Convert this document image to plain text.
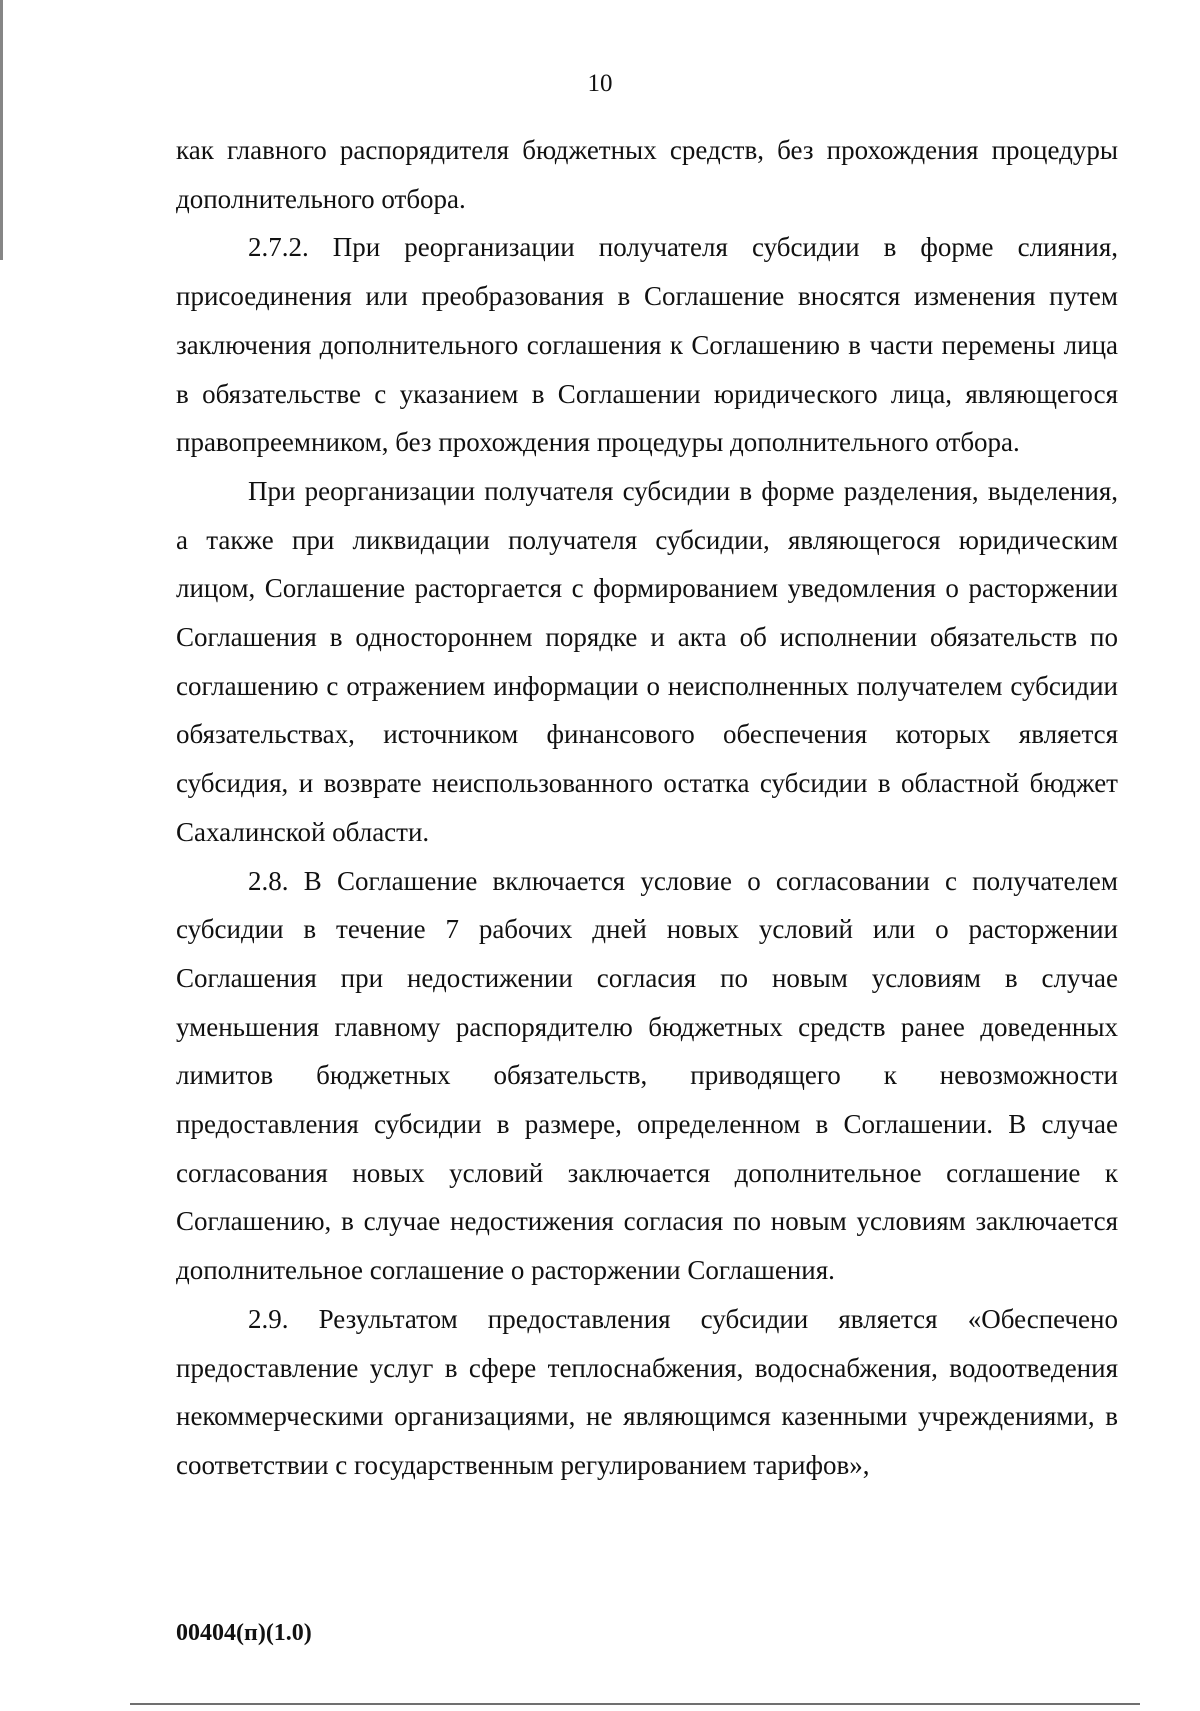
10

как главного распорядителя бюджетных средств, без прохождения процедуры дополнительного отбора.

2.7.2. При реорганизации получателя субсидии в форме слияния, присоединения или преобразования в Соглашение вносятся изменения путем заключения дополнительного соглашения к Соглашению в части перемены лица в обязательстве с указанием в Соглашении юридического лица, являющегося правопреемником, без прохождения процедуры дополнительного отбора.

При реорганизации получателя субсидии в форме разделения, выделения, а также при ликвидации получателя субсидии, являющегося юридическим лицом, Соглашение расторгается с формированием уведомления о расторжении Соглашения в одностороннем порядке и акта об исполнении обязательств по соглашению с отражением информации о неисполненных получателем субсидии обязательствах, источником финансового обеспечения которых является субсидия, и возврате неиспользованного остатка субсидии в областной бюджет Сахалинской области.

2.8. В Соглашение включается условие о согласовании с получателем субсидии в течение 7 рабочих дней новых условий или о расторжении Соглашения при недостижении согласия по новым условиям в случае уменьшения главному распорядителю бюджетных средств ранее доведенных лимитов бюджетных обязательств, приводящего к невозможности предоставления субсидии в размере, определенном в Соглашении. В случае согласования новых условий заключается дополнительное соглашение к Соглашению, в случае недостижения согласия по новым условиям заключается дополнительное соглашение о расторжении Соглашения.

2.9. Результатом предоставления субсидии является «Обеспечено предоставление услуг в сфере теплоснабжения, водоснабжения, водоотведения некоммерческими организациями, не являющимся казенными учреждениями, в соответствии с государственным регулированием тарифов»,

00404(п)(1.0)
